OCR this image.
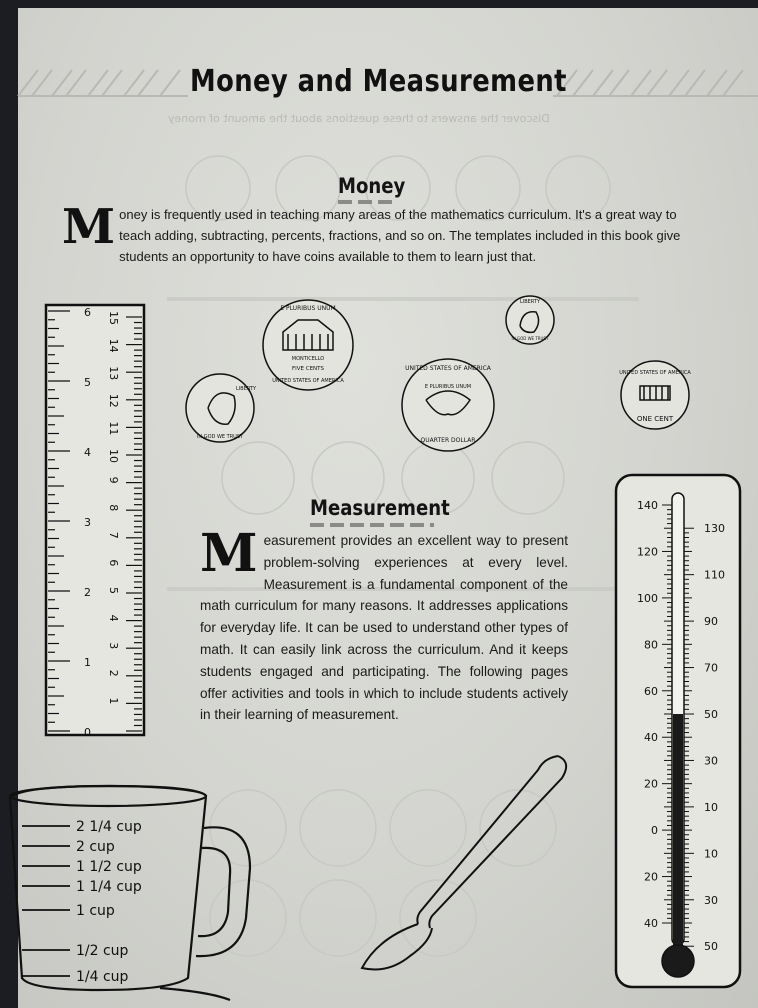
Money and Measurement
Discover the answers to these questions about the amount of money
Money
Money is frequently used in teaching many areas of the mathematics curriculum. It's a great way to teach adding, subtracting, percents, fractions, and so on. The templates included in this book give students an opportunity to have coins available to them to learn just that.
6
5
4
3
2
1
0
15
14
13
12
11
10
9
8
7
6
5
4
3
2
1
E PLURIBUS UNUM
MONTICELLO
FIVE CENTS
UNITED STATES OF AMERICA
LIBERTY
IN GOD WE TRUST
UNITED STATES OF AMERICA
E PLURIBUS UNUM
QUARTER DOLLAR
LIBERTY
IN GOD WE TRUST
UNITED STATES OF AMERICA
ONE CENT
Measurement
Measurement provides an excellent way to present problem-solving experiences at every level. Measurement is a fundamental component of the math curriculum for many reasons. It addresses applications for everyday life. It can be used to understand other types of math. It can easily link across the curriculum. And it keeps students engaged and participating. The following pages offer activities and tools in which to include students actively in their learning of measurement.
140
120
100
80
60
40
20
0
20
40
130
110
90
70
50
30
10
10
30
50
2 1/4 cup
2 cup
1 1/2 cup
1 1/4 cup
1 cup
1/2 cup
1/4 cup
